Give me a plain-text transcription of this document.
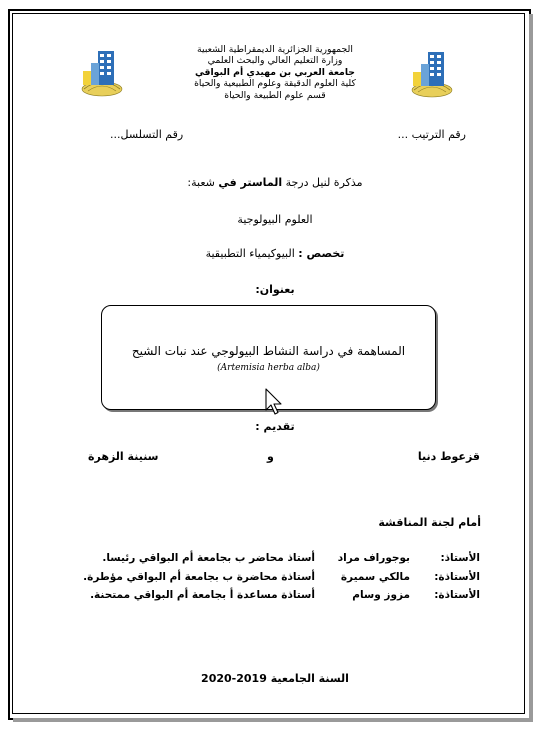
الجمهورية الجزائرية الديمقراطية الشعبية
وزارة التعليم العالي والبحث العلمي
جامعة العربي بن مهيدي أم البواقي
كلية العلوم الدقيقة وعلوم الطبيعية والحياة
قسم علوم الطبيعة والحياة
رقم الترتيب ...
رقم التسلسل...
مذكرة لنيل درجة الماستر في شعبة:
العلوم البيولوجية
تخصص : البيوكيمياء التطبيقية
بعنوان:
المساهمة في دراسة النشاط البيولوجي عند نبات الشيح
(Artemisia herba alba)
تقديم :
قزعوط دنيا
و
سنينة الزهرة
أمام لجنة المناقشة
الأستاذ:
بوجوراف مراد
أستاذ محاضر ب بجامعة أم البواقي رئيسا.
الأستاذة:
مالكي سميرة
أستاذة محاضرة ب بجامعة أم البواقي مؤطرة.
الأستاذة:
مزوز وسام
أستاذة مساعدة أ بجامعة أم البواقي ممتحنة.
السنة الجامعية 2019-2020
